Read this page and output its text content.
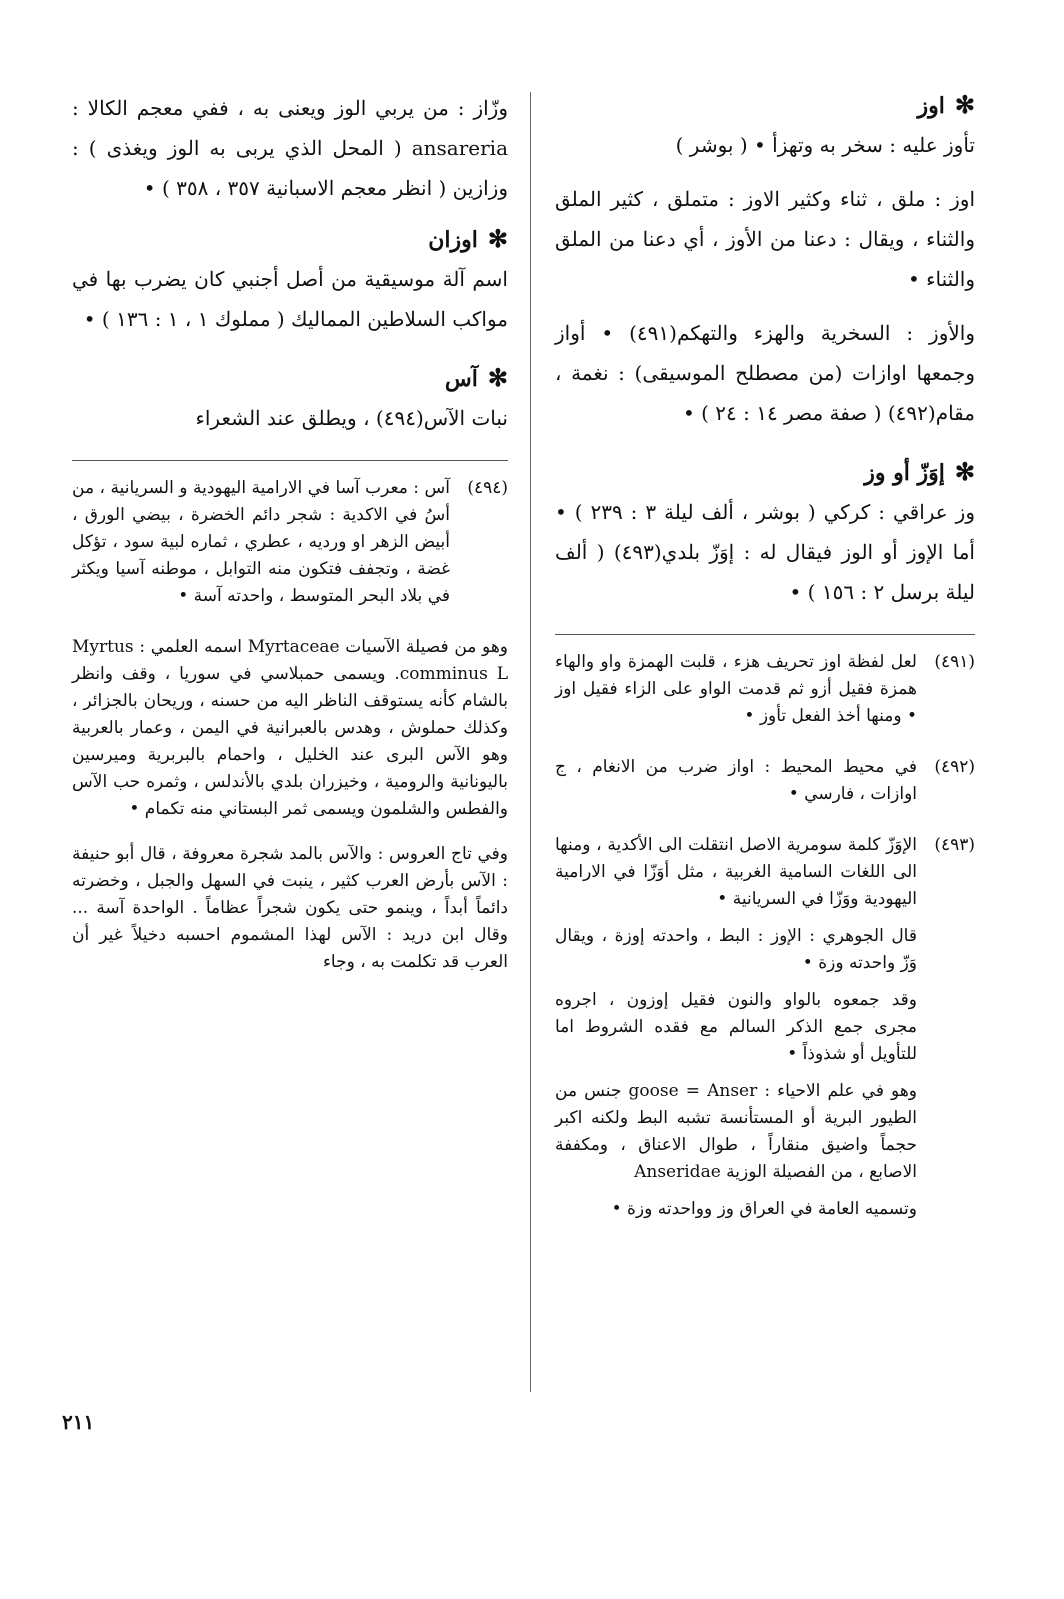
✻اوز

تأوز عليه : سخر به وتهزأ • ( بوشر )

اوز : ملق ، ثناء وكثير الاوز : متملق ، كثير الملق والثناء ، ويقال : دعنا من الأوز ، أي دعنا من الملق والثناء •

والأوز : السخرية والهزء والتهكم(٤٩١) • أواز وجمعها اوازات (من مصطلح الموسيقى) : نغمة ، مقام(٤٩٢) ( صفة مصر ١٤ : ٢٤ ) •

✻إوَزّ أو وز

وز عراقي : كركي ( بوشر ، ألف ليلة ٣ : ٢٣٩ ) • أما الإوز أو الوز فيقال له : إوَزّ بلدي(٤٩٣) ( ألف ليلة برسل ٢ : ١٥٦ ) •

(٤٩١)

لعل لفظة اوز تحريف هزء ، قلبت الهمزة واو والهاء همزة فقيل أزو ثم قدمت الواو على الزاء فقيل اوز • ومنها أخذ الفعل تأوز •

(٤٩٢)

في محيط المحيط : اواز ضرب من الانغام ، ج اوازات ، فارسي •

(٤٩٣)

الإوَزّ كلمة سومرية الاصل انتقلت الى الأكدية ، ومنها الى اللغات السامية الغربية ، مثل أوَزّا في الارامية اليهودية ووَزّا في السريانية •

قال الجوهري : الإوز : البط ، واحدته إوزة ، ويقال وَزّ واحدته وزة •

وقد جمعوه بالواو والنون فقيل إوزون ، اجروه مجرى جمع الذكر السالم مع فقده الشروط اما للتأويل أو شذوذاً •

وهو في علم الاحياء : goose = Anser جنس من الطيور البرية أو المستأنسة تشبه البط ولكنه اكبر حجماً واضيق منقاراً ، طوال الاعناق ، ومكففة الاصابع ، من الفصيلة الوزية Anseridae

وتسميه العامة في العراق وز وواحدته وزة •

وزّاز : من يربي الوز ويعنى به ، ففي معجم الكالا : ansareria ( المحل الذي يربى به الوز ويغذى ) : وزازين ( انظر معجم الاسبانية ٣٥٧ ، ٣٥٨ ) •

✻اوزان

اسم آلة موسيقية من أصل أجنبي كان يضرب بها في مواكب السلاطين المماليك ( مملوك ١ ، ١ : ١٣٦ ) •

✻آس

نبات الآس(٤٩٤) ، ويطلق عند الشعراء

(٤٩٤)

آس : معرب آسا في الارامية اليهودية و السريانية ، من أسُ في الاكدية : شجر دائم الخضرة ، بيضي الورق ، أبيض الزهر او ورديه ، عطري ، ثماره لبية سود ، تؤكل غضة ، وتجفف فتكون منه التوابل ، موطنه آسيا ويكثر في بلاد البحر المتوسط ، واحدته آسة •

وهو من فصيلة الآسيات Myrtaceae اسمه العلمي : Myrtus comminus L. ويسمى حمبلاسي في سوريا ، وقف وانظر بالشام كأنه يستوقف الناظر اليه من حسنه ، وريحان بالجزائر ، وكذلك حملوش ، وهدس بالعبرانية في اليمن ، وعمار بالعربية وهو الآس البرى عند الخليل ، واحمام بالبربرية وميرسين باليونانية والرومية ، وخيزران بلدي بالأندلس ، وثمره حب الآس والفطس والشلمون ويسمى ثمر البستاني منه تكمام •

وفي تاج العروس : والآس بالمد شجرة معروفة ، قال أبو حنيفة : الآس بأرض العرب كثير ، ينبت في السهل والجبل ، وخضرته دائماً أبداً ، وينمو حتى يكون شجراً عظاماً . الواحدة آسة ... وقال ابن دريد : الآس لهذا المشموم احسبه دخيلاً غير أن العرب قد تكلمت به ، وجاء

٢١١
